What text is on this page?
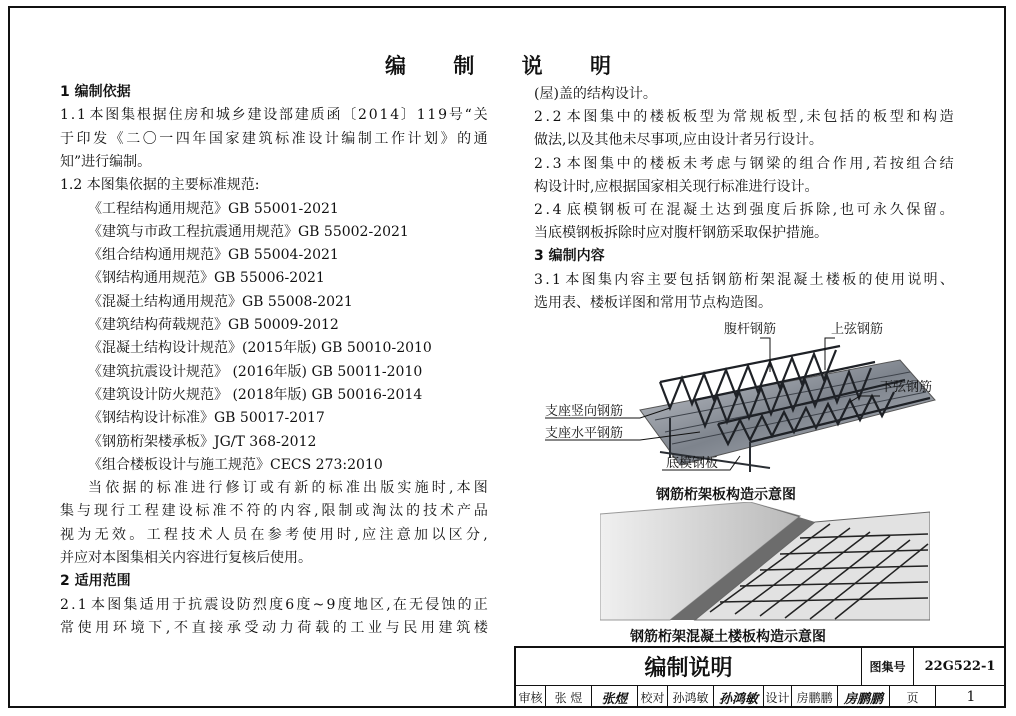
编 制 说 明
1 编制依据
1 . 1 本 图 集 根 据 住 房 和 城 乡 建 设 部 建 质 函 〔 2 0 1 4 〕 1 1 9 号 “ 关
于 印 发 《 二 〇 一 四 年 国 家 建 筑 标 准 设 计 编 制 工 作 计 划 》 的 通
知”进行编制。
1.2 本图集依据的主要标准规范:
《工程结构通用规范》GB 55001-2021
《建筑与市政工程抗震通用规范》GB 55002-2021
《组合结构通用规范》GB 55004-2021
《钢结构通用规范》GB 55006-2021
《混凝土结构通用规范》GB 55008-2021
《建筑结构荷载规范》GB 50009-2012
《混凝土结构设计规范》(2015年版) GB 50010-2010
《建筑抗震设计规范》 (2016年版) GB 50011-2010
《建筑设计防火规范》 (2018年版) GB 50016-2014
《钢结构设计标准》GB 50017-2017
《钢筋桁架楼承板》JG/T 368-2012
《组合楼板设计与施工规范》CECS 273:2010
当 依 据 的 标 准 进 行 修 订 或 有 新 的 标 准 出 版 实 施 时 , 本 图
集 与 现 行 工 程 建 设 标 准 不 符 的 内 容 , 限 制 或 淘 汰 的 技 术 产 品
视 为 无 效 。 工 程 技 术 人 员 在 参 考 使 用 时 , 应 注 意 加 以 区 分 ,
并应对本图集相关内容进行复核后使用。
2 适用范围
2 . 1 本 图 集 适 用 于 抗 震 设 防 烈 度 6 度 ~ 9 度 地 区 , 在 无 侵 蚀 的 正
常 使 用 环 境 下 , 不 直 接 承 受 动 力 荷 载 的 工 业 与 民 用 建 筑 楼
(屋)盖的结构设计。
2 . 2 本 图 集 中 的 楼 板 板 型 为 常 规 板 型 , 未 包 括 的 板 型 和 构 造
做法,以及其他未尽事项,应由设计者另行设计。
2 . 3 本 图 集 中 的 楼 板 未 考 虑 与 钢 梁 的 组 合 作 用 , 若 按 组 合 结
构设计时,应根据国家相关现行标准进行设计。
2 . 4 底 模 钢 板 可 在 混 凝 土 达 到 强 度 后 拆 除 , 也 可 永 久 保 留 。
当底模钢板拆除时应对腹杆钢筋采取保护措施。
3 编制内容
3 . 1 本 图 集 内 容 主 要 包 括 钢 筋 桁 架 混 凝 土 楼 板 的 使 用 说 明 、
选用表、楼板详图和常用节点构造图。
腹杆钢筋	上弦钢筋
下弦钢筋
支座竖向钢筋
支座水平钢筋
底模钢板
钢筋桁架板构造示意图
钢筋桁架混凝土楼板构造示意图
编制说明	图集号	22G522-1
审核	张 煜	张煜	校对 孙鸿敏 孙鸿敏 设计 房鹏鹏 房鹏鹏	页	1
